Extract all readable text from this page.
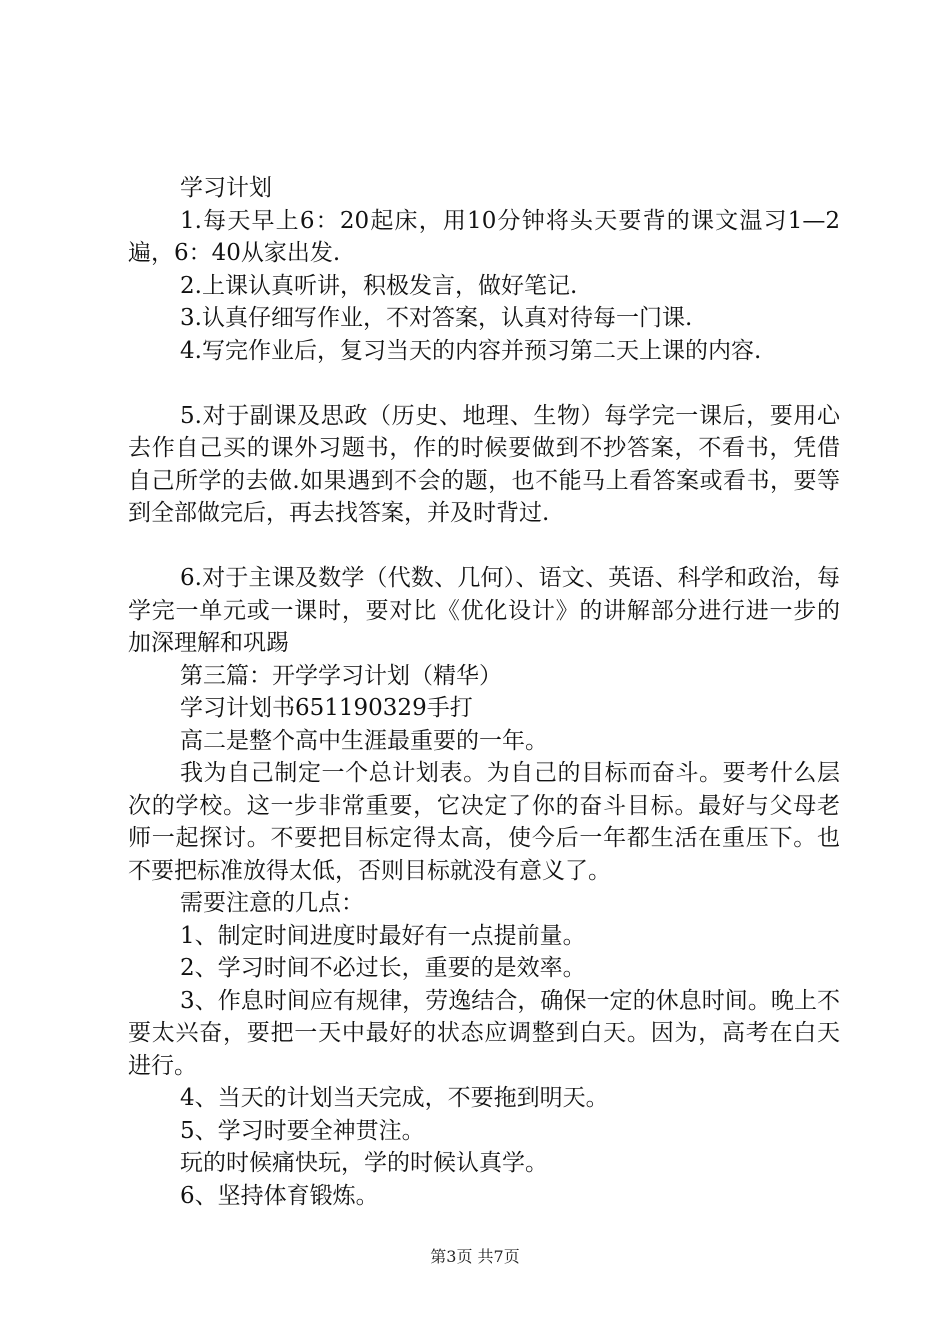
学习计划

1.每天早上6：20起床，用10分钟将头天要背的课文温习1—2遍，6：40从家出发.

2.上课认真听讲，积极发言，做好笔记.

3.认真仔细写作业，不对答案，认真对待每一门课.

4.写完作业后，复习当天的内容并预习第二天上课的内容.

5.对于副课及思政（历史、地理、生物）每学完一课后，要用心去作自己买的课外习题书，作的时候要做到不抄答案，不看书，凭借自己所学的去做.如果遇到不会的题，也不能马上看答案或看书，要等到全部做完后，再去找答案，并及时背过.

6.对于主课及数学（代数、几何）、语文、英语、科学和政治，每学完一单元或一课时，要对比《优化设计》的讲解部分进行进一步的加深理解和巩踢

第三篇：开学学习计划（精华）

学习计划书651190329手打

高二是整个高中生涯最重要的一年。

我为自己制定一个总计划表。为自己的目标而奋斗。要考什么层次的学校。这一步非常重要，它决定了你的奋斗目标。最好与父母老师一起探讨。不要把目标定得太高，使今后一年都生活在重压下。也不要把标准放得太低，否则目标就没有意义了。

需要注意的几点：

1、制定时间进度时最好有一点提前量。

2、学习时间不必过长，重要的是效率。

3、作息时间应有规律，劳逸结合，确保一定的休息时间。晚上不要太兴奋，要把一天中最好的状态应调整到白天。因为，高考在白天进行。

4、当天的计划当天完成，不要拖到明天。

5、学习时要全神贯注。

玩的时候痛快玩，学的时候认真学。

6、坚持体育锻炼。

第3页 共7页
